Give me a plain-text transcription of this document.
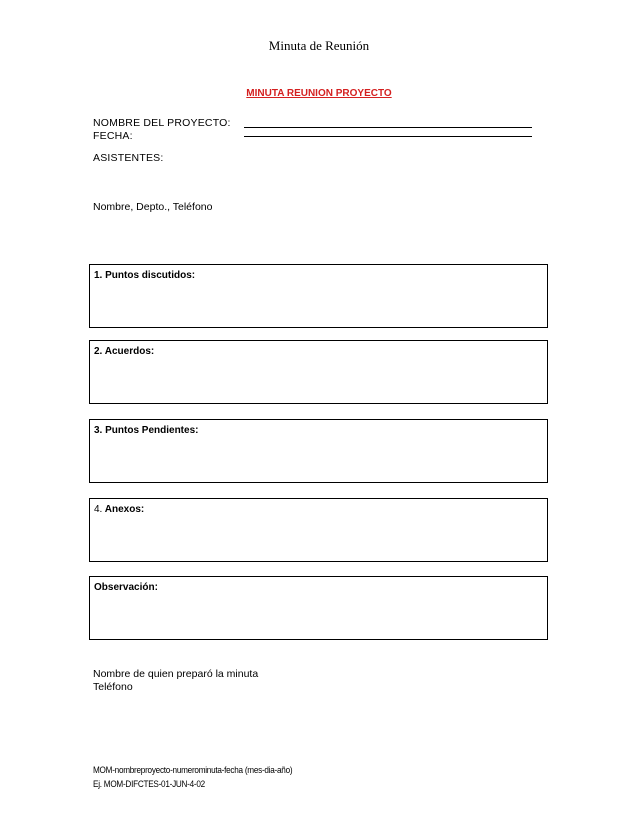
Minuta de Reunión
MINUTA REUNION PROYECTO
NOMBRE DEL PROYECTO:
FECHA:
ASISTENTES:
Nombre, Depto., Teléfono
1. Puntos discutidos:
2. Acuerdos:
3. Puntos Pendientes:
4. Anexos:
Observación:
Nombre de quien preparó la minuta
Teléfono
MOM-nombreproyecto-numerominuta-fecha (mes-dia-año)
Ej. MOM-DIFCTES-01-JUN-4-02
